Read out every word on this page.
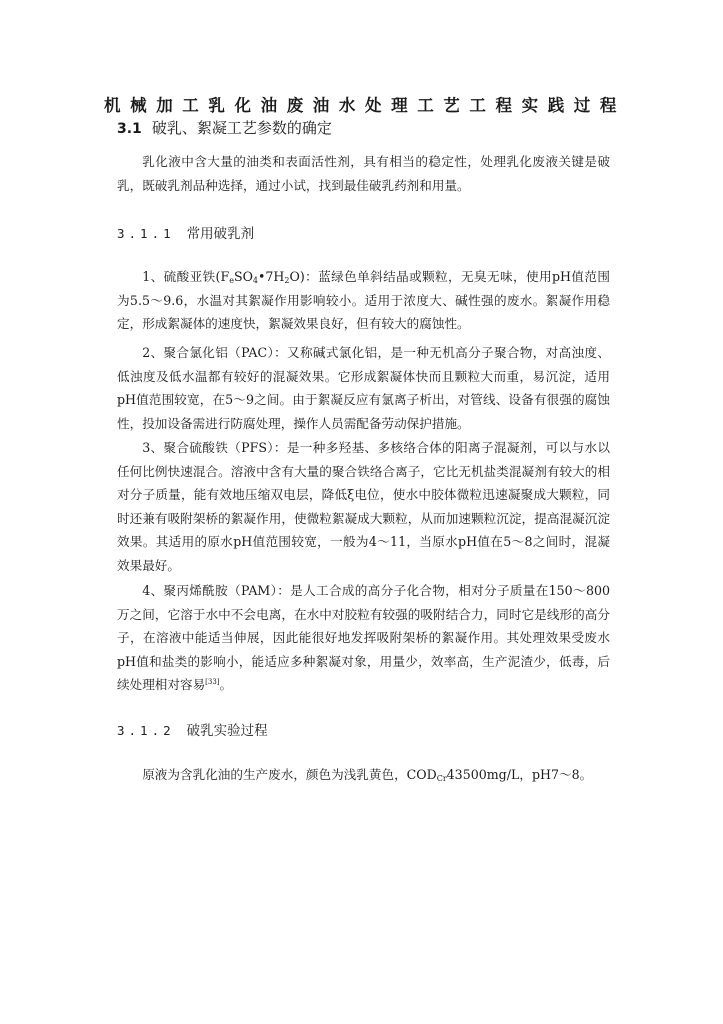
机械加工乳化油废油水处理工艺工程实践过程
3.1 破乳、絮凝工艺参数的确定

乳化液中含大量的油类和表面活性剂，具有相当的稳定性，处理乳化废液关键是破乳，既破乳剂品种选择，通过小试，找到最佳破乳药剂和用量。

3.1.1 常用破乳剂

1、硫酸亚铁$(F_eSO_4•7H_2O)$：蓝绿色单斜结晶或颗粒，无臭无味，使用pH值范围为5.5～9.6，水温对其絮凝作用影响较小。适用于浓度大、碱性强的废水。絮凝作用稳定，形成絮凝体的速度快，絮凝效果良好，但有较大的腐蚀性。

2、聚合氯化铝（PAC）：又称碱式氯化铝，是一种无机高分子聚合物，对高浊度、低浊度及低水温都有较好的混凝效果。它形成絮凝体快而且颗粒大而重，易沉淀，适用pH值范围较宽，在5～9之间。由于絮凝反应有氯离子析出，对管线、设备有很强的腐蚀性，投加设备需进行防腐处理，操作人员需配备劳动保护措施。

3、聚合硫酸铁（PFS）：是一种多羟基、多核络合体的阳离子混凝剂，可以与水以任何比例快速混合。溶液中含有大量的聚合铁络合离子，它比无机盐类混凝剂有较大的相对分子质量，能有效地压缩双电层，降低ξ电位，使水中胶体微粒迅速凝聚成大颗粒，同时还兼有吸附架桥的絮凝作用，使微粒絮凝成大颗粒，从而加速颗粒沉淀，提高混凝沉淀效果。其适用的原水pH值范围较宽，一般为4～11，当原水pH值在5～8之间时，混凝效果最好。

4、聚丙烯酰胺（PAM）：是人工合成的高分子化合物，相对分子质量在150～800万之间，它溶于水中不会电离，在水中对胶粒有较强的吸附结合力，同时它是线形的高分子，在溶液中能适当伸展，因此能很好地发挥吸附架桥的絮凝作用。其处理效果受废水pH值和盐类的影响小，能适应多种絮凝对象，用量少，效率高，生产泥渣少，低毒，后续处理相对容易[33]。

3.1.2 破乳实验过程

原液为含乳化油的生产废水，颜色为浅乳黄色，$COD_{Cr}43500mg/L$，pH7～8。
